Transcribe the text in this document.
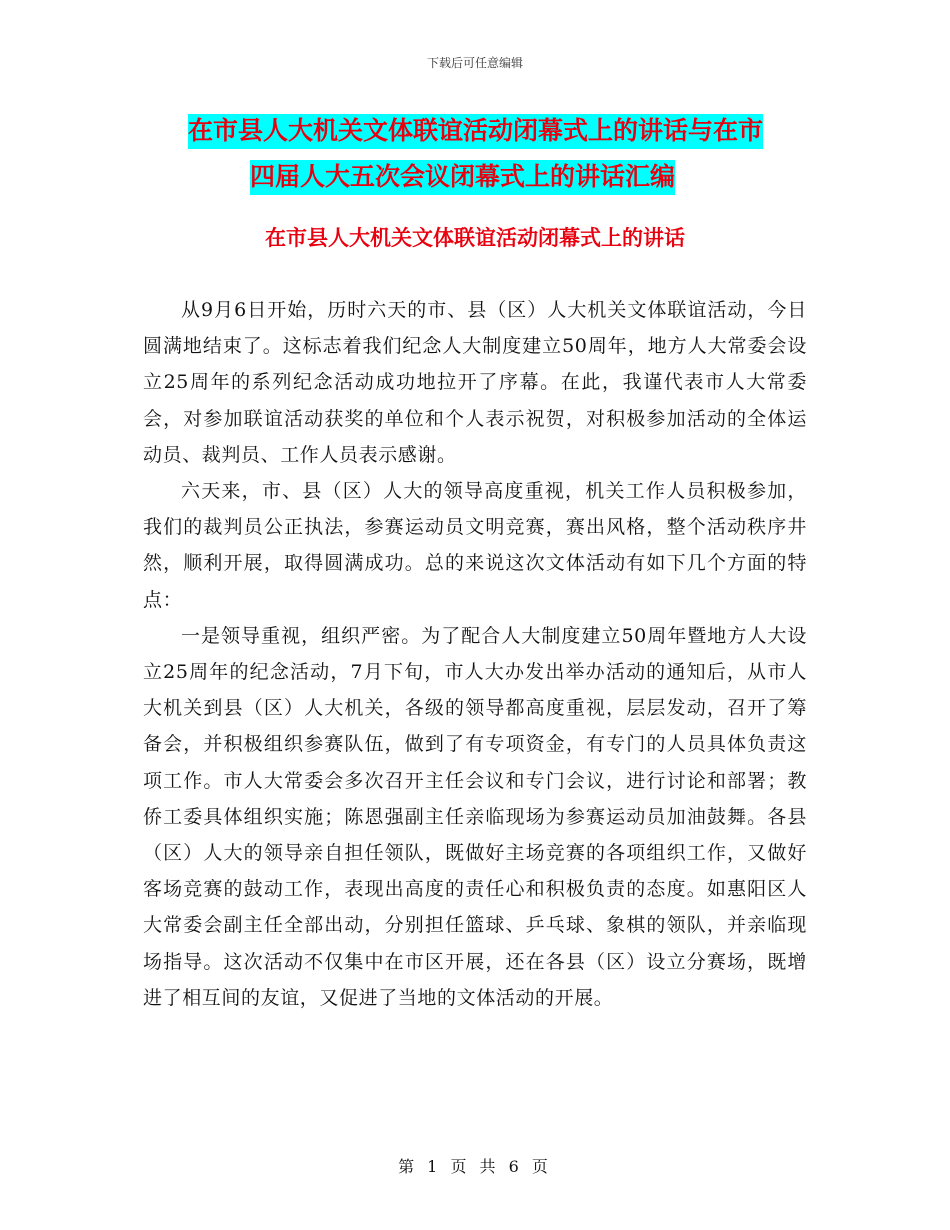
下载后可任意编辑
在市县人大机关文体联谊活动闭幕式上的讲话与在市
四届人大五次会议闭幕式上的讲话汇编
在市县人大机关文体联谊活动闭幕式上的讲话

从9月6日开始，历时六天的市、县（区）人大机关文体联谊活动，今日圆满地结束了。这标志着我们纪念人大制度建立50周年，地方人大常委会设立25周年的系列纪念活动成功地拉开了序幕。在此，我谨代表市人大常委会，对参加联谊活动获奖的单位和个人表示祝贺，对积极参加活动的全体运动员、裁判员、工作人员表示感谢。

六天来，市、县（区）人大的领导高度重视，机关工作人员积极参加，我们的裁判员公正执法，参赛运动员文明竞赛，赛出风格，整个活动秩序井然，顺利开展，取得圆满成功。总的来说这次文体活动有如下几个方面的特点：

一是领导重视，组织严密。为了配合人大制度建立50周年暨地方人大设立25周年的纪念活动，7月下旬，市人大办发出举办活动的通知后，从市人大机关到县（区）人大机关，各级的领导都高度重视，层层发动，召开了筹备会，并积极组织参赛队伍，做到了有专项资金，有专门的人员具体负责这项工作。市人大常委会多次召开主任会议和专门会议，进行讨论和部署；教侨工委具体组织实施；陈恩强副主任亲临现场为参赛运动员加油鼓舞。各县（区）人大的领导亲自担任领队，既做好主场竞赛的各项组织工作，又做好客场竞赛的鼓动工作，表现出高度的责任心和积极负责的态度。如惠阳区人大常委会副主任全部出动，分别担任篮球、乒乓球、象棋的领队，并亲临现场指导。这次活动不仅集中在市区开展，还在各县（区）设立分赛场，既增进了相互间的友谊，又促进了当地的文体活动的开展。

第 1 页 共 6 页
